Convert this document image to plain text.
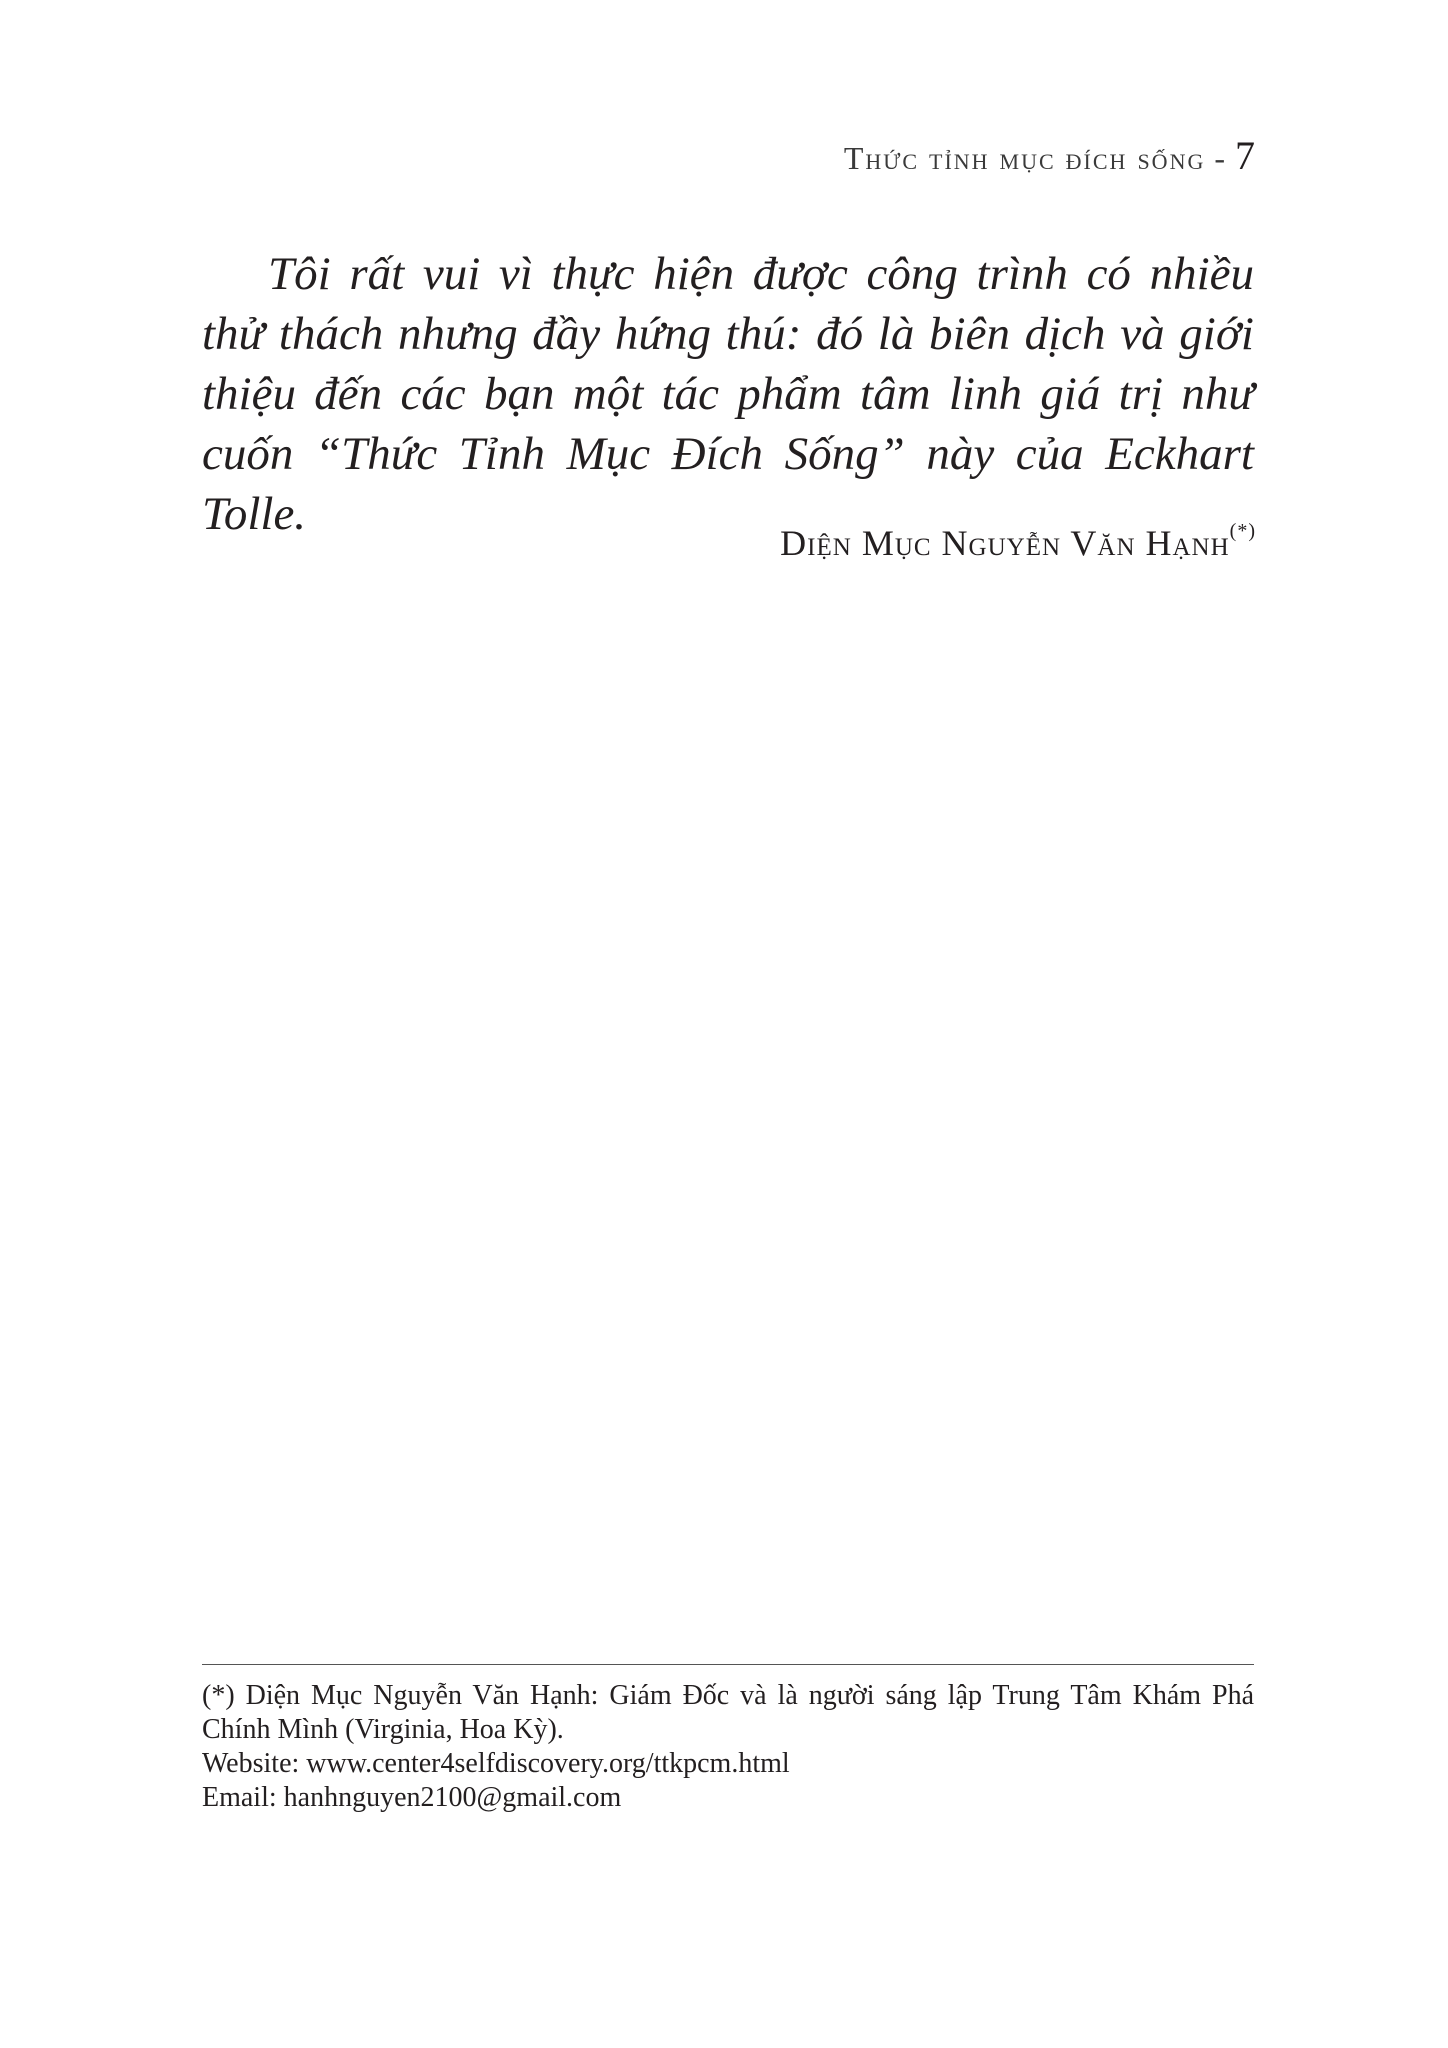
Thức tỉnh mục đích sống - 7

Tôi rất vui vì thực hiện được công trình có nhiều thử thách nhưng đầy hứng thú: đó là biên dịch và giới thiệu đến các bạn một tác phẩm tâm linh giá trị như cuốn “Thức Tỉnh Mục Đích Sống” này của Eckhart Tolle.

Diện Mục Nguyễn Văn Hạnh(*)

(*) Diện Mục Nguyễn Văn Hạnh: Giám Đốc và là người sáng lập Trung Tâm Khám Phá Chính Mình (Virginia, Hoa Kỳ).

Website: www.center4selfdiscovery.org/ttkpcm.html

Email: hanhnguyen2100@gmail.com
